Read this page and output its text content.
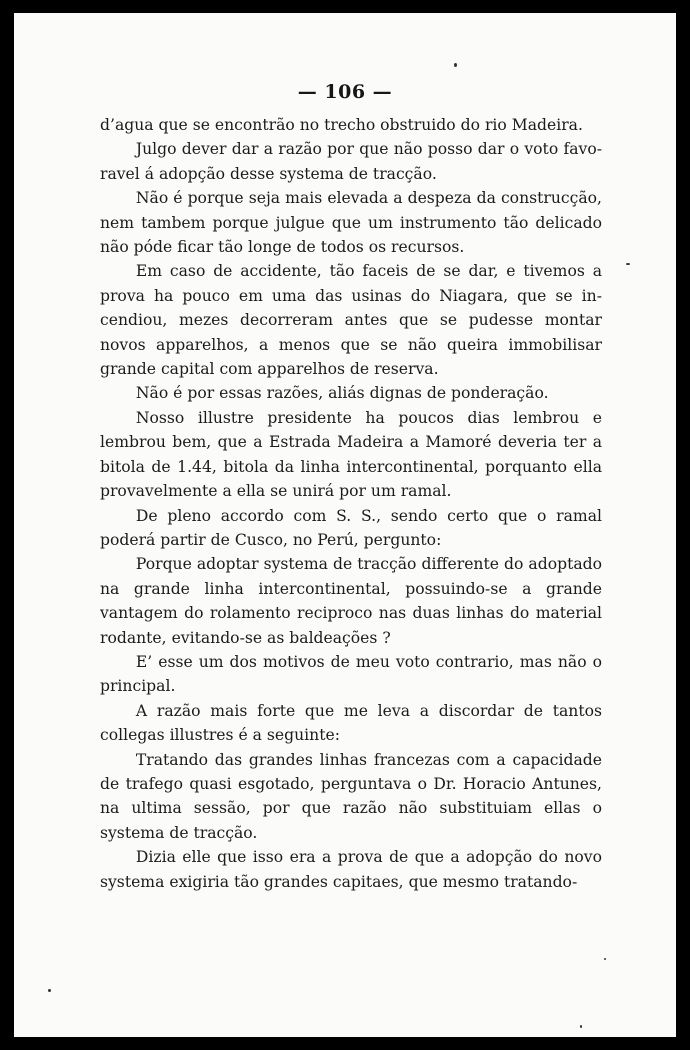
— 106 —

d’agua que se encontrão no trecho obstruido do rio Madeira.

Julgo dever dar a razão por que não posso dar o voto favoravel á adopção desse systema de tracção.

Não é porque seja mais elevada a despeza da construcção, nem tambem porque julgue que um instrumento tão delicado não póde ficar tão longe de todos os recursos.

Em caso de accidente, tão faceis de se dar, e tivemos a prova ha pouco em uma das usinas do Niagara, que se incendiou, mezes decorreram antes que se pudesse montar novos apparelhos, a menos que se não queira immobilisar grande capital com apparelhos de reserva.

Não é por essas razões, aliás dignas de ponderação.

Nosso illustre presidente ha poucos dias lembrou e lembrou bem, que a Estrada Madeira a Mamoré deveria ter a bitola de 1.44, bitola da linha intercontinental, porquanto ella provavelmente a ella se unirá por um ramal.

De pleno accordo com S. S., sendo certo que o ramal poderá partir de Cusco, no Perú, pergunto:

Porque adoptar systema de tracção differente do adoptado na grande linha intercontinental, possuindo-se a grande vantagem do rolamento reciproco nas duas linhas do material rodante, evitando-se as baldeações ?

E’ esse um dos motivos de meu voto contrario, mas não o principal.

A razão mais forte que me leva a discordar de tantos collegas illustres é a seguinte:

Tratando das grandes linhas francezas com a capacidade de trafego quasi esgotado, perguntava o Dr. Horacio Antunes, na ultima sessão, por que razão não substituiam ellas o systema de tracção.

Dizia elle que isso era a prova de que a adopção do novo systema exigiria tão grandes capitaes, que mesmo tratando-
